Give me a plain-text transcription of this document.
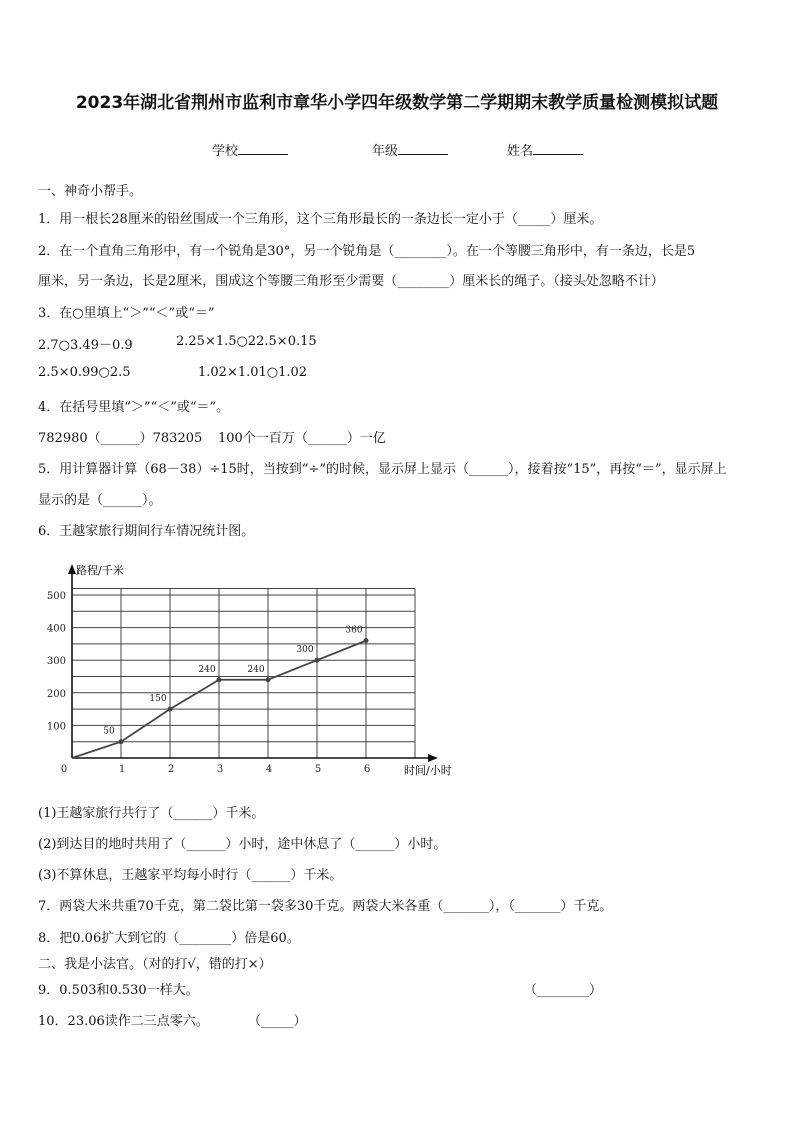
2023年湖北省荆州市监利市章华小学四年级数学第二学期期末教学质量检测模拟试题
学校	年级	姓名
一、神奇小帮手。
1．用一根长28厘米的铅丝围成一个三角形，这个三角形最长的一条边长一定小于（_____）厘米。
2．在一个直角三角形中，有一个锐角是30°，另一个锐角是（________）。在一个等腰三角形中，有一条边，长是5
厘米，另一条边，长是2厘米，围成这个等腰三角形至少需要（________）厘米长的绳子。（接头处忽略不计）
3．在○里填上“＞”“＜”或“＝”
2.7○3.49－0.9	2.25×1.5○22.5×0.15
2.5×0.99○2.5	1.02×1.01○1.02
4．在括号里填“＞”“＜”或“＝”。
782980（______）783205 100个一百万（______）一亿
5．用计算器计算（68－38）÷15时，当按到“÷”的时候，显示屏上显示（______），接着按“15”，再按“＝”，显示屏上
显示的是（______）。
6．王越家旅行期间行车情况统计图。
0	1	2	3	4	5	6
100
200
300
400
500
50
150
240	240
300
360
路程/千米
时间/小时
(1)王越家旅行共行了（______）千米。
(2)到达目的地时共用了（______）小时，途中休息了（______）小时。
(3)不算休息，王越家平均每小时行（______）千米。
7．两袋大米共重70千克，第二袋比第一袋多30千克。两袋大米各重（_______），（_______）千克。
8．把0.06扩大到它的（________）倍是60。
二、我是小法官。（对的打√，错的打×）
9．0.503和0.530一样大。	（________）
10．23.06读作二三点零六。	（_____）
